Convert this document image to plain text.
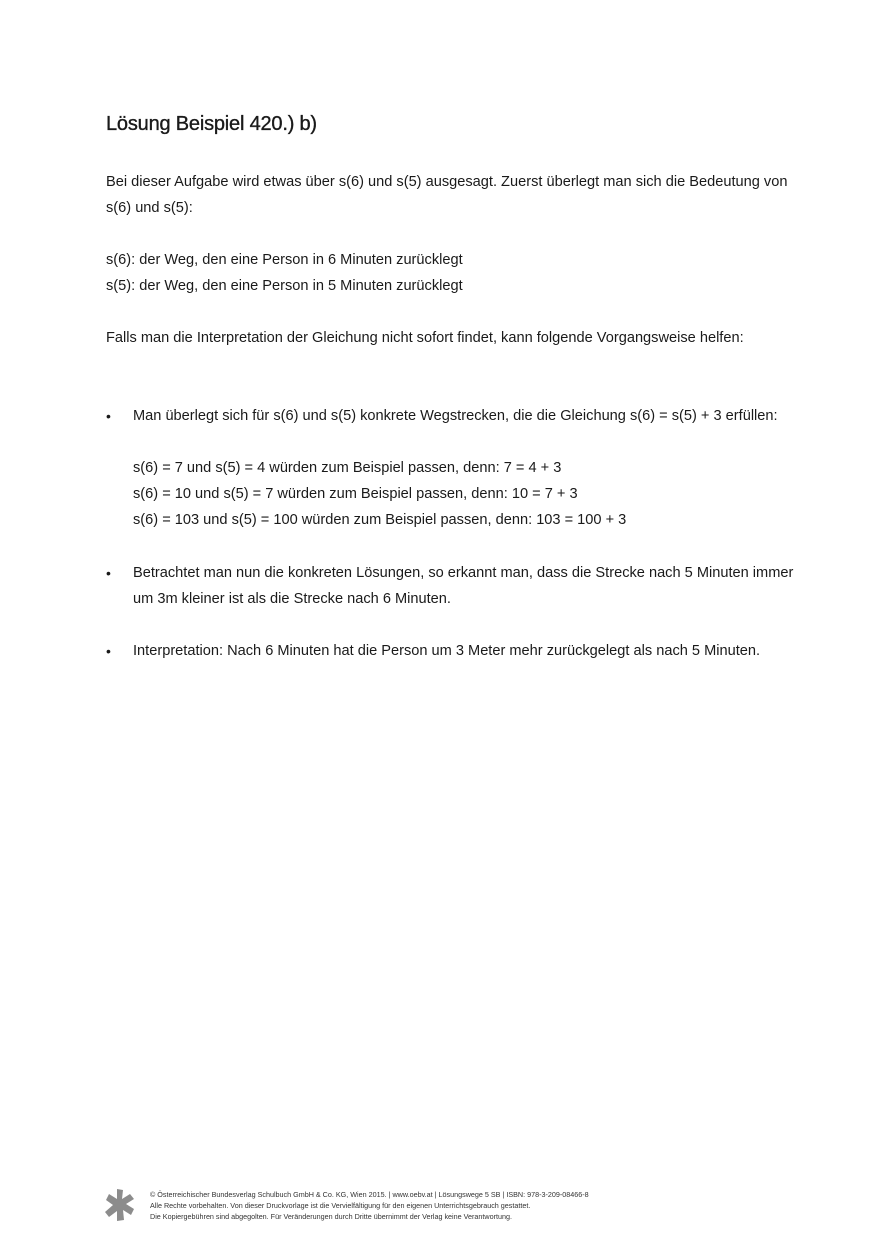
Lösung Beispiel 420.) b)

Bei dieser Aufgabe wird etwas über s(6) und s(5) ausgesagt. Zuerst überlegt man sich die Bedeutung von

s(6) und s(5):

s(6): der Weg, den eine Person in 6 Minuten zurücklegt

s(5): der Weg, den eine Person in 5 Minuten zurücklegt

Falls man die Interpretation der Gleichung nicht sofort findet, kann folgende Vorgangsweise helfen:

• Man überlegt sich für s(6) und s(5) konkrete Wegstrecken, die die Gleichung s(6) = s(5) + 3 erfüllen:

s(6) = 7 und s(5) = 4 würden zum Beispiel passen, denn: 7 = 4 + 3

s(6) = 10 und s(5) = 7 würden zum Beispiel passen, denn: 10 = 7 + 3

s(6) = 103 und s(5) = 100 würden zum Beispiel passen, denn: 103 = 100 + 3

• Betrachtet man nun die konkreten Lösungen, so erkannt man, dass die Strecke nach 5 Minuten immer

um 3m kleiner ist als die Strecke nach 6 Minuten.

• Interpretation: Nach 6 Minuten hat die Person um 3 Meter mehr zurückgelegt als nach 5 Minuten.

© Österreichischer Bundesverlag Schulbuch GmbH & Co. KG, Wien 2015. | www.oebv.at | Lösungswege 5 SB | ISBN: 978-3-209-08466-8
Alle Rechte vorbehalten. Von dieser Druckvorlage ist die Vervielfältigung für den eigenen Unterrichtsgebrauch gestattet.
Die Kopiergebühren sind abgegolten. Für Veränderungen durch Dritte übernimmt der Verlag keine Verantwortung.
